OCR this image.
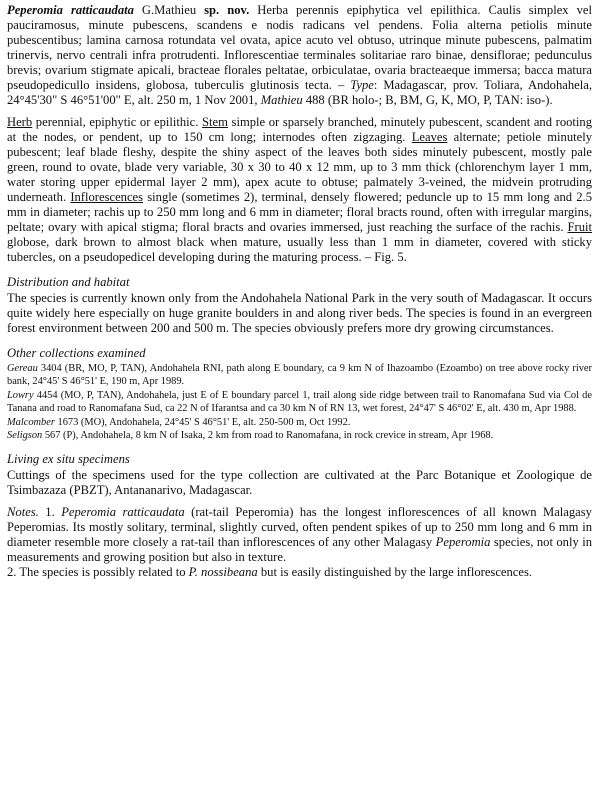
Peperomia ratticaudata G.Mathieu sp. nov. Herba perennis epiphytica vel epilithica. Caulis simplex vel pauciramosus, minute pubescens, scandens e nodis radicans vel pendens. Folia alterna petiolis minute pubescentibus; lamina carnosa rotundata vel ovata, apice acuto vel obtuso, utrinque minute pubescens, palmatim trinervis, nervo centrali infra protrudenti. Inflorescentiae terminales solitariae raro binae, densiflorae; pedunculus brevis; ovarium stigmate apicali, bracteae florales peltatae, orbiculatae, ovaria bracteaeque immersa; bacca matura pseudopedicullo insidens, globosa, tuberculis glutinosis tecta. – Type: Madagascar, prov. Toliara, Andohahela, 24°45'30" S 46°51'00" E, alt. 250 m, 1 Nov 2001, Mathieu 488 (BR holo-; B, BM, G, K, MO, P, TAN: iso-).

Herb perennial, epiphytic or epilithic. Stem simple or sparsely branched, minutely pubescent, scandent and rooting at the nodes, or pendent, up to 150 cm long; internodes often zigzaging. Leaves alternate; petiole minutely pubescent; leaf blade fleshy, despite the shiny aspect of the leaves both sides minutely pubescent, mostly pale green, round to ovate, blade very variable, 30 x 30 to 40 x 12 mm, up to 3 mm thick (chlorenchym layer 1 mm, water storing upper epidermal layer 2 mm), apex acute to obtuse; palmately 3-veined, the midvein protruding underneath. Inflorescences single (sometimes 2), terminal, densely flowered; peduncle up to 15 mm long and 2.5 mm in diameter; rachis up to 250 mm long and 6 mm in diameter; floral bracts round, often with irregular margins, peltate; ovary with apical stigma; floral bracts and ovaries immersed, just reaching the surface of the rachis. Fruit globose, dark brown to almost black when mature, usually less than 1 mm in diameter, covered with sticky tubercles, on a pseudopedicel developing during the maturing process. – Fig. 5.

Distribution and habitat

The species is currently known only from the Andohahela National Park in the very south of Madagascar. It occurs quite widely here especially on huge granite boulders in and along river beds. The species is found in an evergreen forest environment between 200 and 500 m. The species obviously prefers more dry growing circumstances.

Other collections examined

Gereau 3404 (BR, MO, P, TAN), Andohahela RNI, path along E boundary, ca 9 km N of Ihazoambo (Ezoambo) on tree above rocky river bank, 24°45' S 46°51' E, 190 m, Apr 1989.

Lowry 4454 (MO, P, TAN), Andohahela, just E of E boundary parcel 1, trail along side ridge between trail to Ranomafana Sud via Col de Tanana and road to Ranomafana Sud, ca 22 N of Ifarantsa and ca 30 km N of RN 13, wet forest, 24°47' S 46°02' E, alt. 430 m, Apr 1988.

Malcomber 1673 (MO), Andohahela, 24°45' S 46°51' E, alt. 250-500 m, Oct 1992.

Seligson 567 (P), Andohahela, 8 km N of Isaka, 2 km from road to Ranomafana, in rock crevice in stream, Apr 1968.

Living ex situ specimens

Cuttings of the specimens used for the type collection are cultivated at the Parc Botanique et Zoologique de Tsimbazaza (PBZT), Antananarivo, Madagascar.

Notes. 1. Peperomia ratticaudata (rat-tail Peperomia) has the longest inflorescences of all known Malagasy Peperomias. Its mostly solitary, terminal, slightly curved, often pendent spikes of up to 250 mm long and 6 mm in diameter resemble more closely a rat-tail than inflorescences of any other Malagasy Peperomia species, not only in measurements and growing position but also in texture.

2. The species is possibly related to P. nossibeana but is easily distinguished by the large inflorescences.
